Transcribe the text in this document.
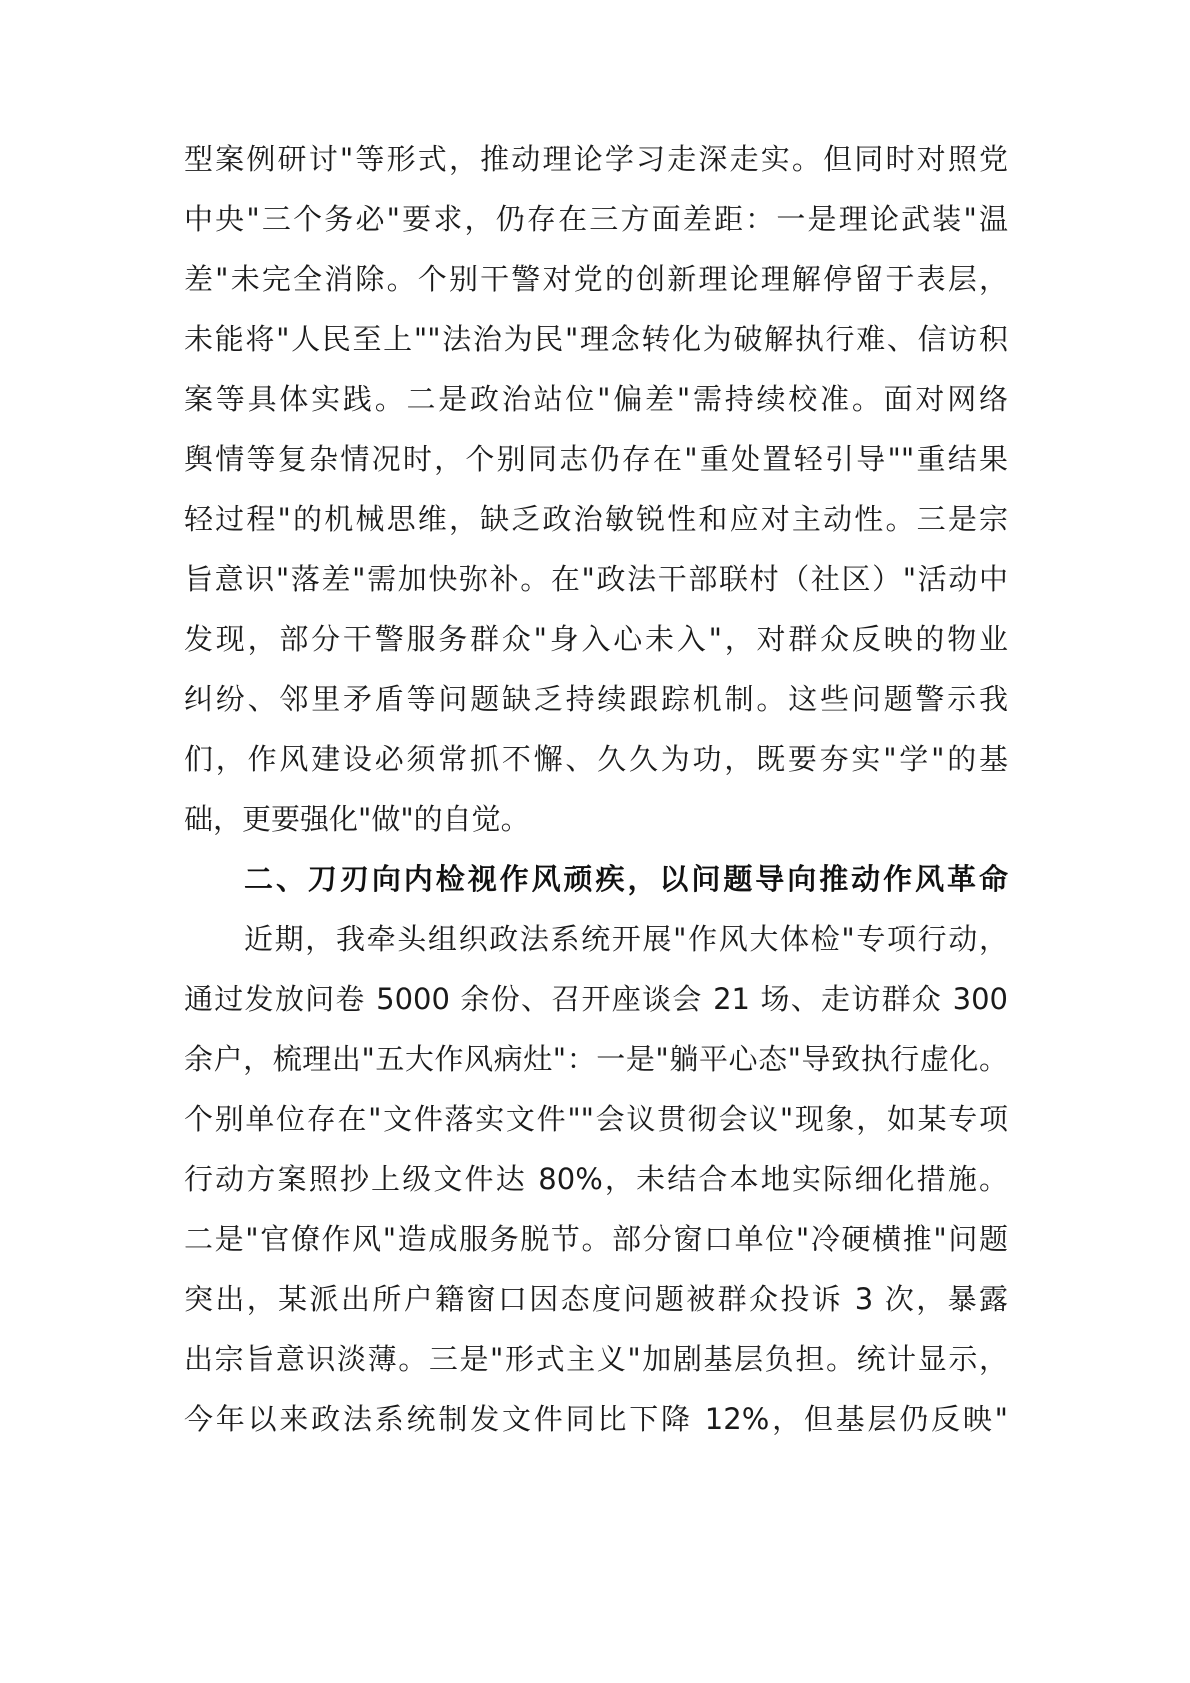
型案例研讨"等形式，推动理论学习走深走实。但同时对照党
中央"三个务必"要求，仍存在三方面差距：一是理论武装"温
差"未完全消除。个别干警对党的创新理论理解停留于表层，
未能将"人民至上""法治为民"理念转化为破解执行难、信访积
案等具体实践。二是政治站位"偏差"需持续校准。面对网络
舆情等复杂情况时，个别同志仍存在"重处置轻引导""重结果
轻过程"的机械思维，缺乏政治敏锐性和应对主动性。三是宗
旨意识"落差"需加快弥补。在"政法干部联村（社区）"活动中
发现，部分干警服务群众"身入心未入"，对群众反映的物业
纠纷、邻里矛盾等问题缺乏持续跟踪机制。这些问题警示我
们，作风建设必须常抓不懈、久久为功，既要夯实"学"的基
础，更要强化"做"的自觉。
二、刀刃向内检视作风顽疾，以问题导向推动作风革命
近期，我牵头组织政法系统开展"作风大体检"专项行动，
通过发放问卷 5000 余份、召开座谈会 21 场、走访群众 300
余户，梳理出"五大作风病灶"：一是"躺平心态"导致执行虚化。
个别单位存在"文件落实文件""会议贯彻会议"现象，如某专项
行动方案照抄上级文件达 80%，未结合本地实际细化措施。
二是"官僚作风"造成服务脱节。部分窗口单位"冷硬横推"问题
突出，某派出所户籍窗口因态度问题被群众投诉 3 次，暴露
出宗旨意识淡薄。三是"形式主义"加剧基层负担。统计显示，
今年以来政法系统制发文件同比下降 12%，但基层仍反映"
